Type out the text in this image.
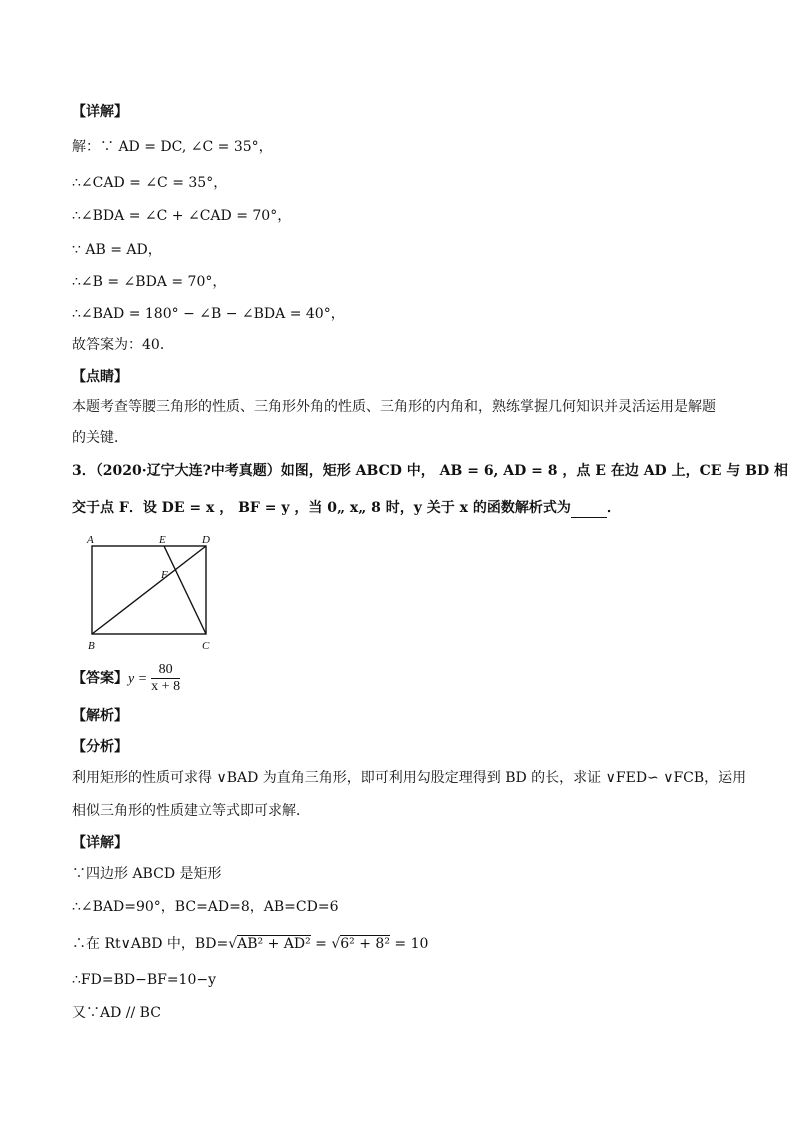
【详解】
解：∵ AD = DC, ∠C = 35°，
∴∠CAD = ∠C = 35°，
∴∠BDA = ∠C + ∠CAD = 70°，
∵ AB = AD，
∴∠B = ∠BDA = 70°，
∴∠BAD = 180° − ∠B − ∠BDA = 40°，
故答案为：40．
【点睛】
本题考查等腰三角形的性质、三角形外角的性质、三角形的内角和，熟练掌握几何知识并灵活运用是解题
的关键．
3．（2020·辽宁大连?中考真题）如图，矩形 ABCD 中， AB = 6, AD = 8 ，点 E 在边 AD 上，CE 与 BD 相
交于点 F．设 DE = x ， BF = y ，当 0„ x„ 8 时，y 关于 x 的函数解析式为	．
A	E	D
F
B	C
【答案】$y = \frac{80}{x + 8}$
【解析】
【分析】
利用矩形的性质可求得 ∨BAD 为直角三角形，即可利用勾股定理得到 BD 的长，求证 ∨FED∽ ∨FCB，运用
相似三角形的性质建立等式即可求解．
【详解】
∵四边形 ABCD 是矩形
∴∠BAD=90°，BC=AD=8，AB=CD=6
∴在 Rt∨ABD 中，BD=√AB² + AD² = √6² + 8² = 10
∴FD=BD−BF=10−y
又∵AD // BC
